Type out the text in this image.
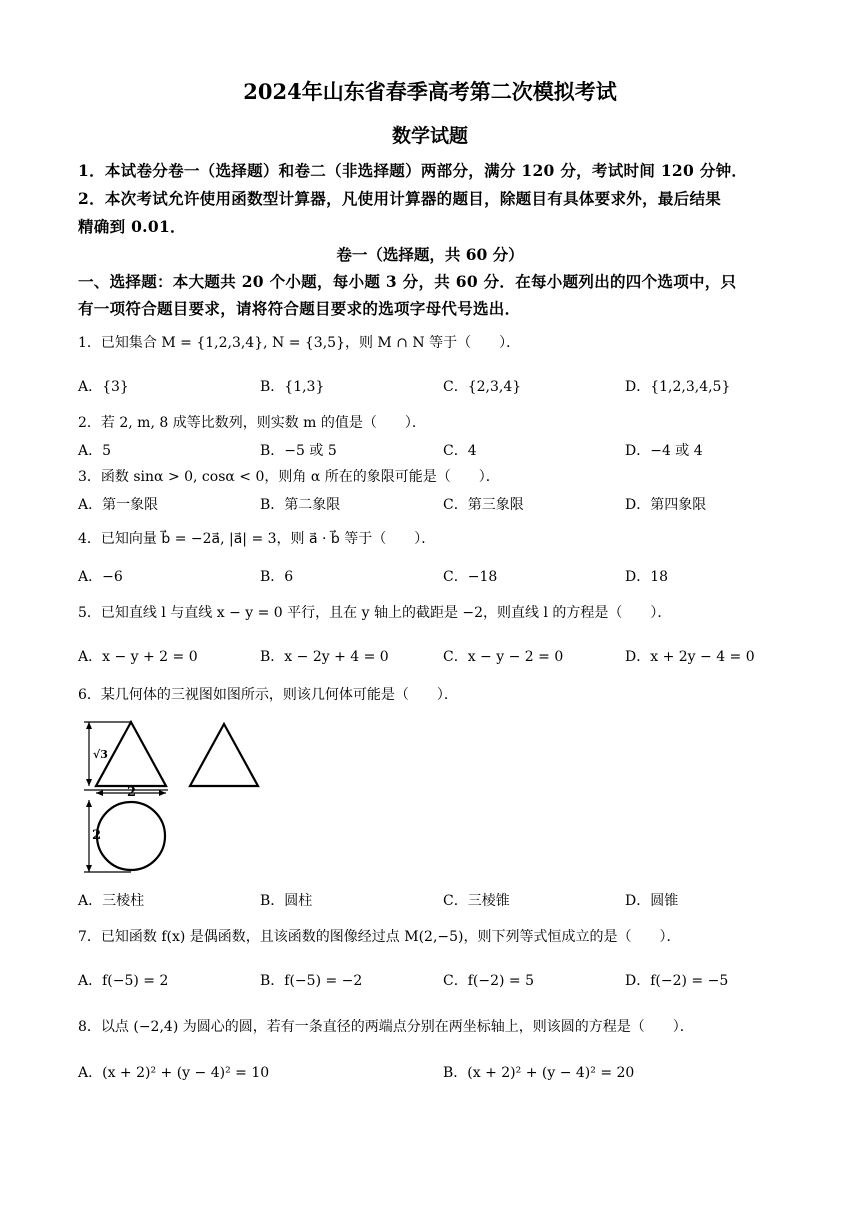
2024年山东省春季高考第二次模拟考试
数学试题
1．本试卷分卷一（选择题）和卷二（非选择题）两部分，满分 120 分，考试时间 120 分钟．
2．本次考试允许使用函数型计算器，凡使用计算器的题目，除题目有具体要求外，最后结果
精确到 0.01．
卷一（选择题，共 60 分）
一、选择题：本大题共 20 个小题，每小题 3 分，共 60 分．在每小题列出的四个选项中，只
有一项符合题目要求，请将符合题目要求的选项字母代号选出．
1．已知集合 M = {1,2,3,4}, N = {3,5}，则 M ∩ N 等于（　　）．
A．{3}	B．{1,3}	C．{2,3,4}	D．{1,2,3,4,5}
2．若 2, m, 8 成等比数列，则实数 m 的值是（　　）．
A．5	B．−5 或 5	C．4	D．−4 或 4
3．函数 sinα > 0, cosα < 0，则角 α 所在的象限可能是（　　）．
A．第一象限	B．第二象限	C．第三象限	D．第四象限
4．已知向量 b⃗ = −2a⃗, |a⃗| = 3，则 a⃗ · b⃗ 等于（　　）．
A．−6	B．6	C．−18	D．18
5．已知直线 l 与直线 x − y = 0 平行，且在 y 轴上的截距是 −2，则直线 l 的方程是（　　）．
A．x − y + 2 = 0	B．x − 2y + 4 = 0	C．x − y − 2 = 0	D．x + 2y − 4 = 0
6．某几何体的三视图如图所示，则该几何体可能是（　　）．
√3
2
2
A．三棱柱	B．圆柱	C．三棱锥	D．圆锥
7．已知函数 f(x) 是偶函数，且该函数的图像经过点 M(2,−5)，则下列等式恒成立的是（　　）．
A．f(−5) = 2	B．f(−5) = −2	C．f(−2) = 5	D．f(−2) = −5
8．以点 (−2,4) 为圆心的圆，若有一条直径的两端点分别在两坐标轴上，则该圆的方程是（　　）．
A．(x + 2)² + (y − 4)² = 10	B．(x + 2)² + (y − 4)² = 20
